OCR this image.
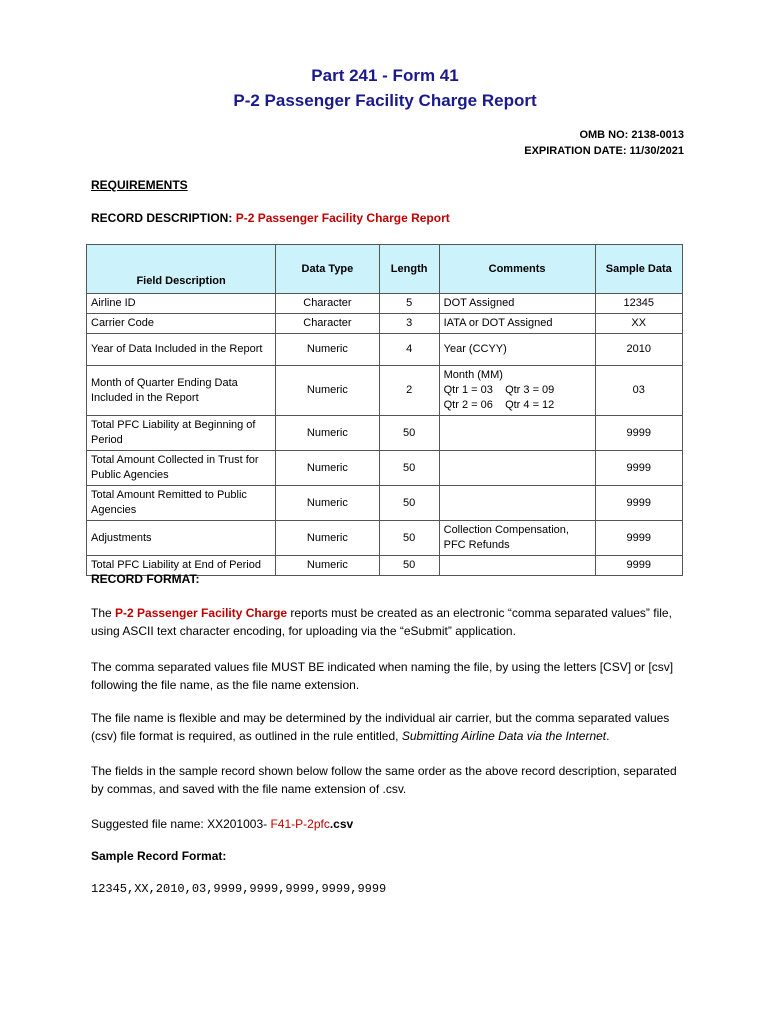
Part 241 - Form 41
P-2 Passenger Facility Charge Report
OMB NO: 2138-0013
EXPIRATION DATE: 11/30/2021
REQUIREMENTS
RECORD DESCRIPTION: P-2 Passenger Facility Charge Report
Field Description	Data Type	Length	Comments	Sample Data
Airline ID	Character	5	DOT Assigned	12345
Carrier Code	Character	3	IATA or DOT Assigned	XX
Year of Data Included in the Report	Numeric	4	Year (CCYY)	2010
Month of Quarter Ending Data Included in the Report	Numeric	2	Month (MM)
Qtr 1 = 03    Qtr 3 = 09
Qtr 2 = 06    Qtr 4 = 12	03
Total PFC Liability at Beginning of Period	Numeric	50		9999
Total Amount Collected in Trust for Public Agencies	Numeric	50		9999
Total Amount Remitted to Public Agencies	Numeric	50		9999
Adjustments	Numeric	50	Collection Compensation, PFC Refunds	9999
Total PFC Liability at End of Period	Numeric	50		9999
RECORD FORMAT:
The P-2 Passenger Facility Charge reports must be created as an electronic “comma separated values” file, using ASCII text character encoding, for uploading via the “eSubmit” application.
The comma separated values file MUST BE indicated when naming the file, by using the letters [CSV] or [csv] following the file name, as the file name extension.
The file name is flexible and may be determined by the individual air carrier, but the comma separated values (csv) file format is required, as outlined in the rule entitled, Submitting Airline Data via the Internet.
The fields in the sample record shown below follow the same order as the above record description, separated by commas, and saved with the file name extension of .csv.
Suggested file name: XX201003- F41-P-2pfc.csv
Sample Record Format:
12345,XX,2010,03,9999,9999,9999,9999,9999
